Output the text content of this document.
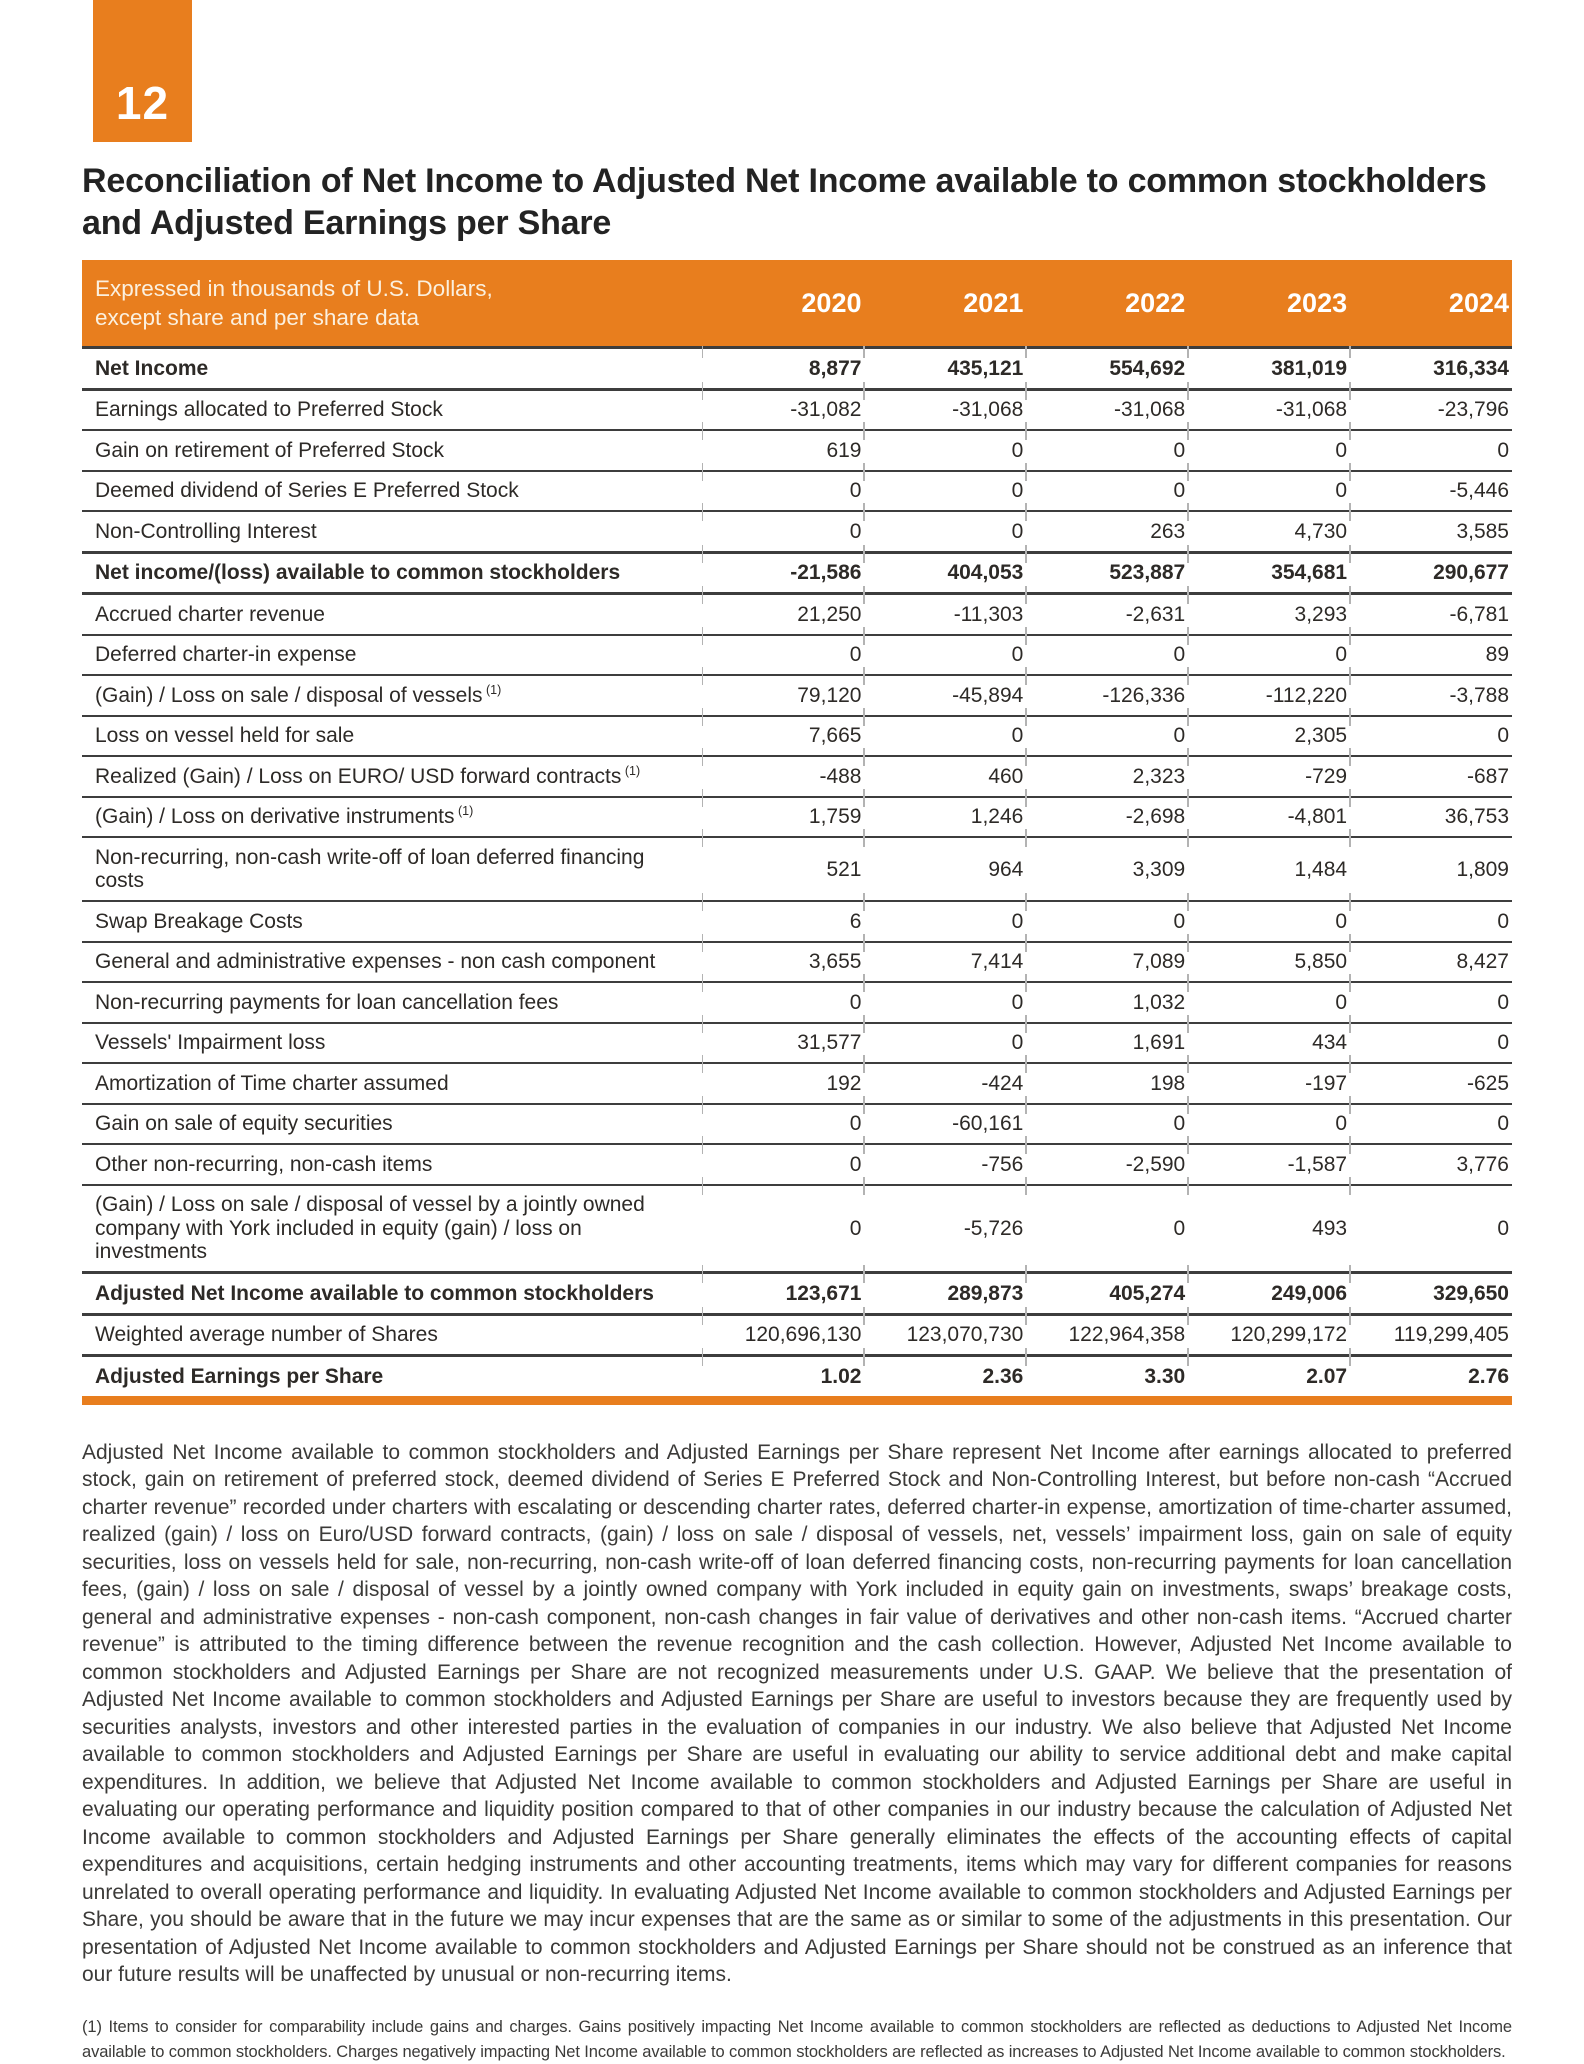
12
Reconciliation of Net Income to Adjusted Net Income available to common stockholders and Adjusted Earnings per Share
Expressed in thousands of U.S. Dollars,
except share and per share data	2020	2021	2022	2023	2024
Net Income	8,877	435,121	554,692	381,019	316,334
Earnings allocated to Preferred Stock	-31,082	-31,068	-31,068	-31,068	-23,796
Gain on retirement of Preferred Stock	619	0	0	0	0
Deemed dividend of Series E Preferred Stock	0	0	0	0	-5,446
Non-Controlling Interest	0	0	263	4,730	3,585
Net income/(loss) available to common stockholders	-21,586	404,053	523,887	354,681	290,677
Accrued charter revenue	21,250	-11,303	-2,631	3,293	-6,781
Deferred charter-in expense	0	0	0	0	89
(Gain) / Loss on sale / disposal of vessels $^{(1)}$	79,120	-45,894	-126,336	-112,220	-3,788
Loss on vessel held for sale	7,665	0	0	2,305	0
Realized (Gain) / Loss on EURO/ USD forward contracts $^{(1)}$	-488	460	2,323	-729	-687
(Gain) / Loss on derivative instruments $^{(1)}$	1,759	1,246	-2,698	-4,801	36,753
Non-recurring, non-cash write-off of loan deferred financing costs	521	964	3,309	1,484	1,809
Swap Breakage Costs	6	0	0	0	0
General and administrative expenses - non cash component	3,655	7,414	7,089	5,850	8,427
Non-recurring payments for loan cancellation fees	0	0	1,032	0	0
Vessels' Impairment loss	31,577	0	1,691	434	0
Amortization of Time charter assumed	192	-424	198	-197	-625
Gain on sale of equity securities	0	-60,161	0	0	0
Other non-recurring, non-cash items	0	-756	-2,590	-1,587	3,776
(Gain) / Loss on sale / disposal of vessel by a jointly owned company with York included in equity (gain) / loss on investments	0	-5,726	0	493	0
Adjusted Net Income available to common stockholders	123,671	289,873	405,274	249,006	329,650
Weighted average number of Shares	120,696,130	123,070,730	122,964,358	120,299,172	119,299,405
Adjusted Earnings per Share	1.02	2.36	3.30	2.07	2.76

Adjusted Net Income available to common stockholders and Adjusted Earnings per Share represent Net Income after earnings allocated to preferred stock, gain on retirement of preferred stock, deemed dividend of Series E Preferred Stock and Non-Controlling Interest, but before non-cash “Accrued charter revenue” recorded under charters with escalating or descending charter rates, deferred charter-in expense, amortization of time-charter assumed, realized (gain) / loss on Euro/USD forward contracts, (gain) / loss on sale / disposal of vessels, net, vessels’ impairment loss, gain on sale of equity securities, loss on vessels held for sale, non-recurring, non-cash write-off of loan deferred financing costs, non-recurring payments for loan cancellation fees, (gain) / loss on sale / disposal of vessel by a jointly owned company with York included in equity gain on investments, swaps’ breakage costs, general and administrative expenses - non-cash component, non-cash changes in fair value of derivatives and other non-cash items. “Accrued charter revenue” is attributed to the timing difference between the revenue recognition and the cash collection. However, Adjusted Net Income available to common stockholders and Adjusted Earnings per Share are not recognized measurements under U.S. GAAP. We believe that the presentation of Adjusted Net Income available to common stockholders and Adjusted Earnings per Share are useful to investors because they are frequently used by securities analysts, investors and other interested parties in the evaluation of companies in our industry. We also believe that Adjusted Net Income available to common stockholders and Adjusted Earnings per Share are useful in evaluating our ability to service additional debt and make capital expenditures. In addition, we believe that Adjusted Net Income available to common stockholders and Adjusted Earnings per Share are useful in evaluating our operating performance and liquidity position compared to that of other companies in our industry because the calculation of Adjusted Net Income available to common stockholders and Adjusted Earnings per Share generally eliminates the effects of the accounting effects of capital expenditures and acquisitions, certain hedging instruments and other accounting treatments, items which may vary for different companies for reasons unrelated to overall operating performance and liquidity. In evaluating Adjusted Net Income available to common stockholders and Adjusted Earnings per Share, you should be aware that in the future we may incur expenses that are the same as or similar to some of the adjustments in this presentation. Our presentation of Adjusted Net Income available to common stockholders and Adjusted Earnings per Share should not be construed as an inference that our future results will be unaffected by unusual or non-recurring items.

(1) Items to consider for comparability include gains and charges. Gains positively impacting Net Income available to common stockholders are reflected as deductions to Adjusted Net Income available to common stockholders. Charges negatively impacting Net Income available to common stockholders are reflected as increases to Adjusted Net Income available to common stockholders.
